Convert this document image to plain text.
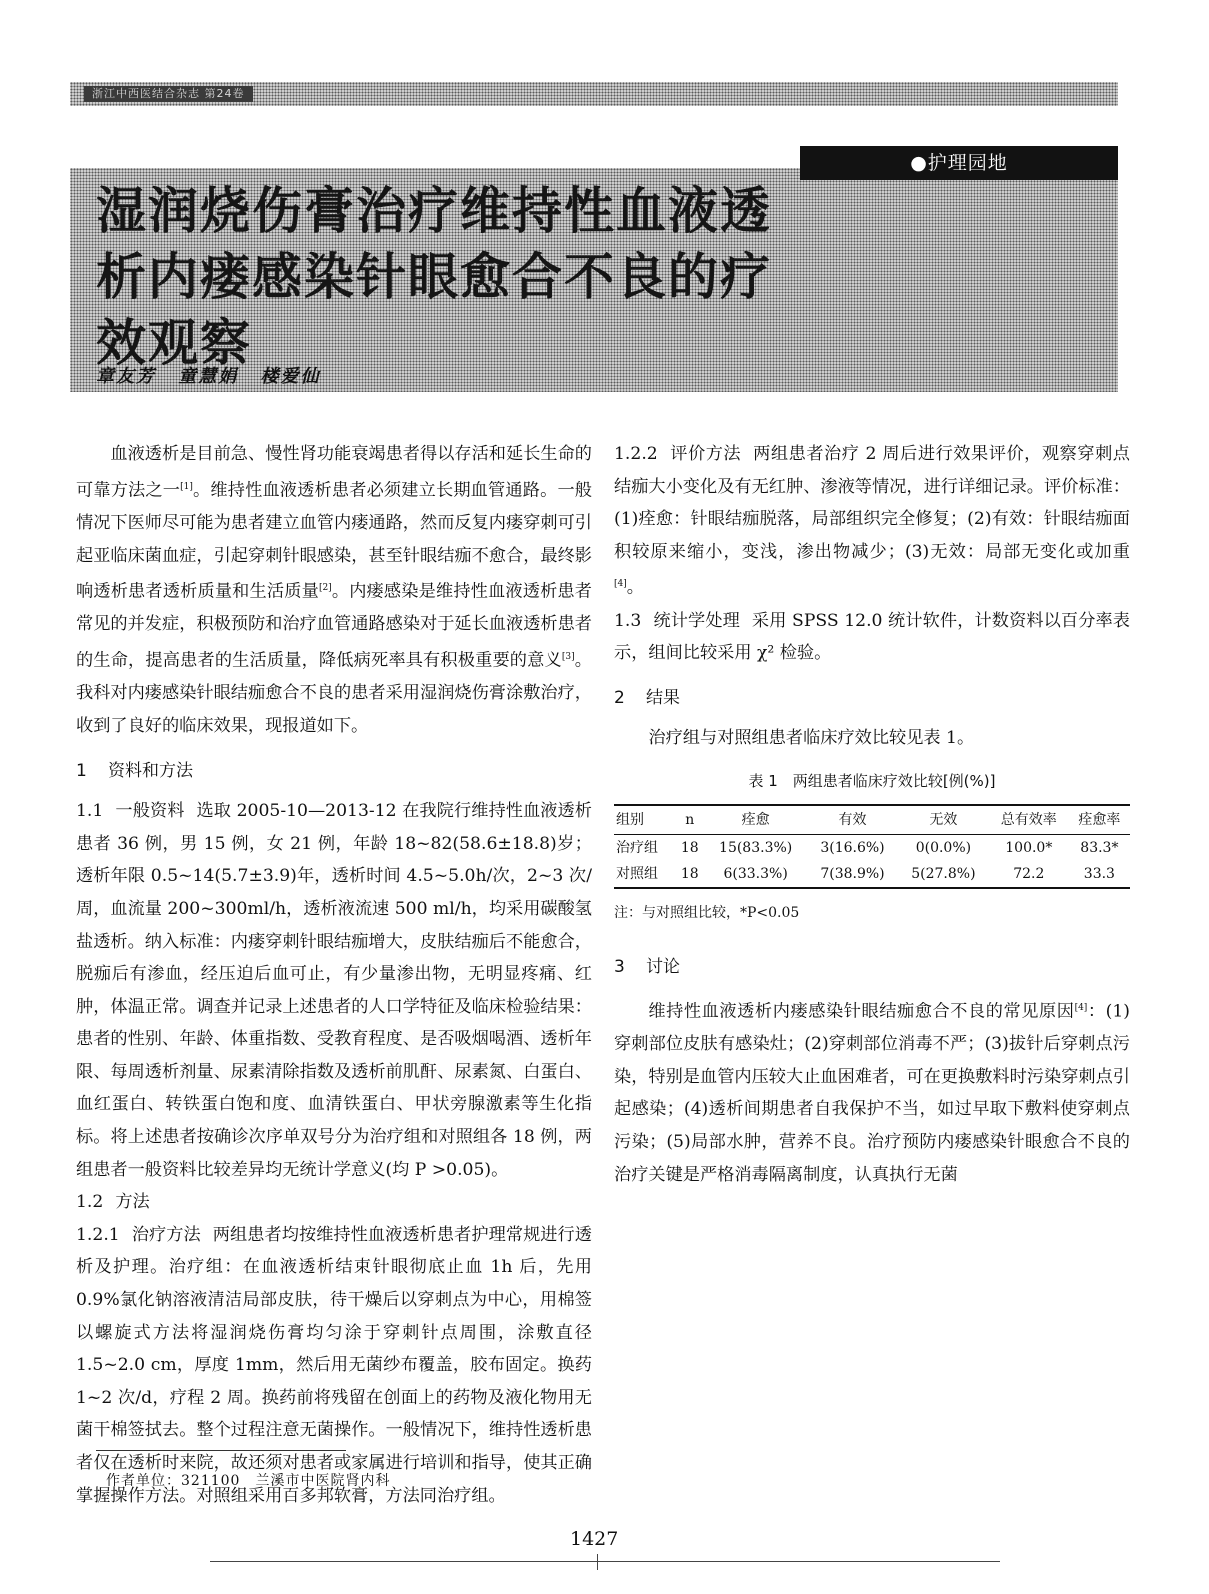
浙江中西医结合杂志 第24卷
●护理园地
湿润烧伤膏治疗维持性血液透析内瘘感染针眼愈合不良的疗效观察

章友芳 童慧娟 楼爱仙

血液透析是目前急、慢性肾功能衰竭患者得以存活和延长生命的可靠方法之一[1]。维持性血液透析患者必须建立长期血管通路。一般情况下医师尽可能为患者建立血管内瘘通路，然而反复内瘘穿刺可引起亚临床菌血症，引起穿刺针眼感染，甚至针眼结痂不愈合，最终影响透析患者透析质量和生活质量[2]。内瘘感染是维持性血液透析患者常见的并发症，积极预防和治疗血管通路感染对于延长血液透析患者的生命，提高患者的生活质量，降低病死率具有积极重要的意义[3]。我科对内瘘感染针眼结痂愈合不良的患者采用湿润烧伤膏涂敷治疗，收到了良好的临床效果，现报道如下。

1 资料和方法

1.1 一般资料 选取 2005-10—2013-12 在我院行维持性血液透析患者 36 例，男 15 例，女 21 例，年龄 18~82(58.6±18.8)岁；透析年限 0.5~14(5.7±3.9)年，透析时间 4.5~5.0h/次，2~3 次/周，血流量 200~300ml/h，透析液流速 500 ml/h，均采用碳酸氢盐透析。纳入标准：内瘘穿刺针眼结痂增大，皮肤结痂后不能愈合，脱痂后有渗血，经压迫后血可止，有少量渗出物，无明显疼痛、红肿，体温正常。调查并记录上述患者的人口学特征及临床检验结果：患者的性别、年龄、体重指数、受教育程度、是否吸烟喝酒、透析年限、每周透析剂量、尿素清除指数及透析前肌酐、尿素氮、白蛋白、血红蛋白、转铁蛋白饱和度、血清铁蛋白、甲状旁腺激素等生化指标。将上述患者按确诊次序单双号分为治疗组和对照组各 18 例，两组患者一般资料比较差异均无统计学意义(均 P >0.05)。

1.2 方法

1.2.1 治疗方法 两组患者均按维持性血液透析患者护理常规进行透析及护理。治疗组：在血液透析结束针眼彻底止血 1h 后，先用 0.9%氯化钠溶液清洁局部皮肤，待干燥后以穿刺点为中心，用棉签以螺旋式方法将湿润烧伤膏均匀涂于穿刺针点周围，涂敷直径 1.5~2.0 cm，厚度 1mm，然后用无菌纱布覆盖，胶布固定。换药 1~2 次/d，疗程 2 周。换药前将残留在创面上的药物及液化物用无菌干棉签拭去。整个过程注意无菌操作。一般情况下，维持性透析患者仅在透析时来院，故还须对患者或家属进行培训和指导，使其正确掌握操作方法。对照组采用百多邦软膏，方法同治疗组。

1.2.2 评价方法 两组患者治疗 2 周后进行效果评价，观察穿刺点结痂大小变化及有无红肿、渗液等情况，进行详细记录。评价标准：(1)痊愈：针眼结痂脱落，局部组织完全修复；(2)有效：针眼结痂面积较原来缩小，变浅，渗出物减少；(3)无效：局部无变化或加重[4]。

1.3 统计学处理 采用 SPSS 12.0 统计软件，计数资料以百分率表示，组间比较采用 χ² 检验。

2 结果

治疗组与对照组患者临床疗效比较见表 1。

表 1　两组患者临床疗效比较[例(%)]

组别	n	痊愈	有效	无效	总有效率	痊愈率
治疗组	18	15(83.3%)	3(16.6%)	0(0.0%)	100.0*	83.3*
对照组	18	6(33.3%)	7(38.9%)	5(27.8%)	72.2	33.3

注：与对照组比较，*P<0.05

3 讨论

维持性血液透析内瘘感染针眼结痂愈合不良的常见原因[4]：(1)穿刺部位皮肤有感染灶；(2)穿刺部位消毒不严；(3)拔针后穿刺点污染，特别是血管内压较大止血困难者，可在更换敷料时污染穿刺点引起感染；(4)透析间期患者自我保护不当，如过早取下敷料使穿刺点污染；(5)局部水肿，营养不良。治疗预防内瘘感染针眼愈合不良的治疗关键是严格消毒隔离制度，认真执行无菌

作者单位：321100　兰溪市中医院肾内科
1427
